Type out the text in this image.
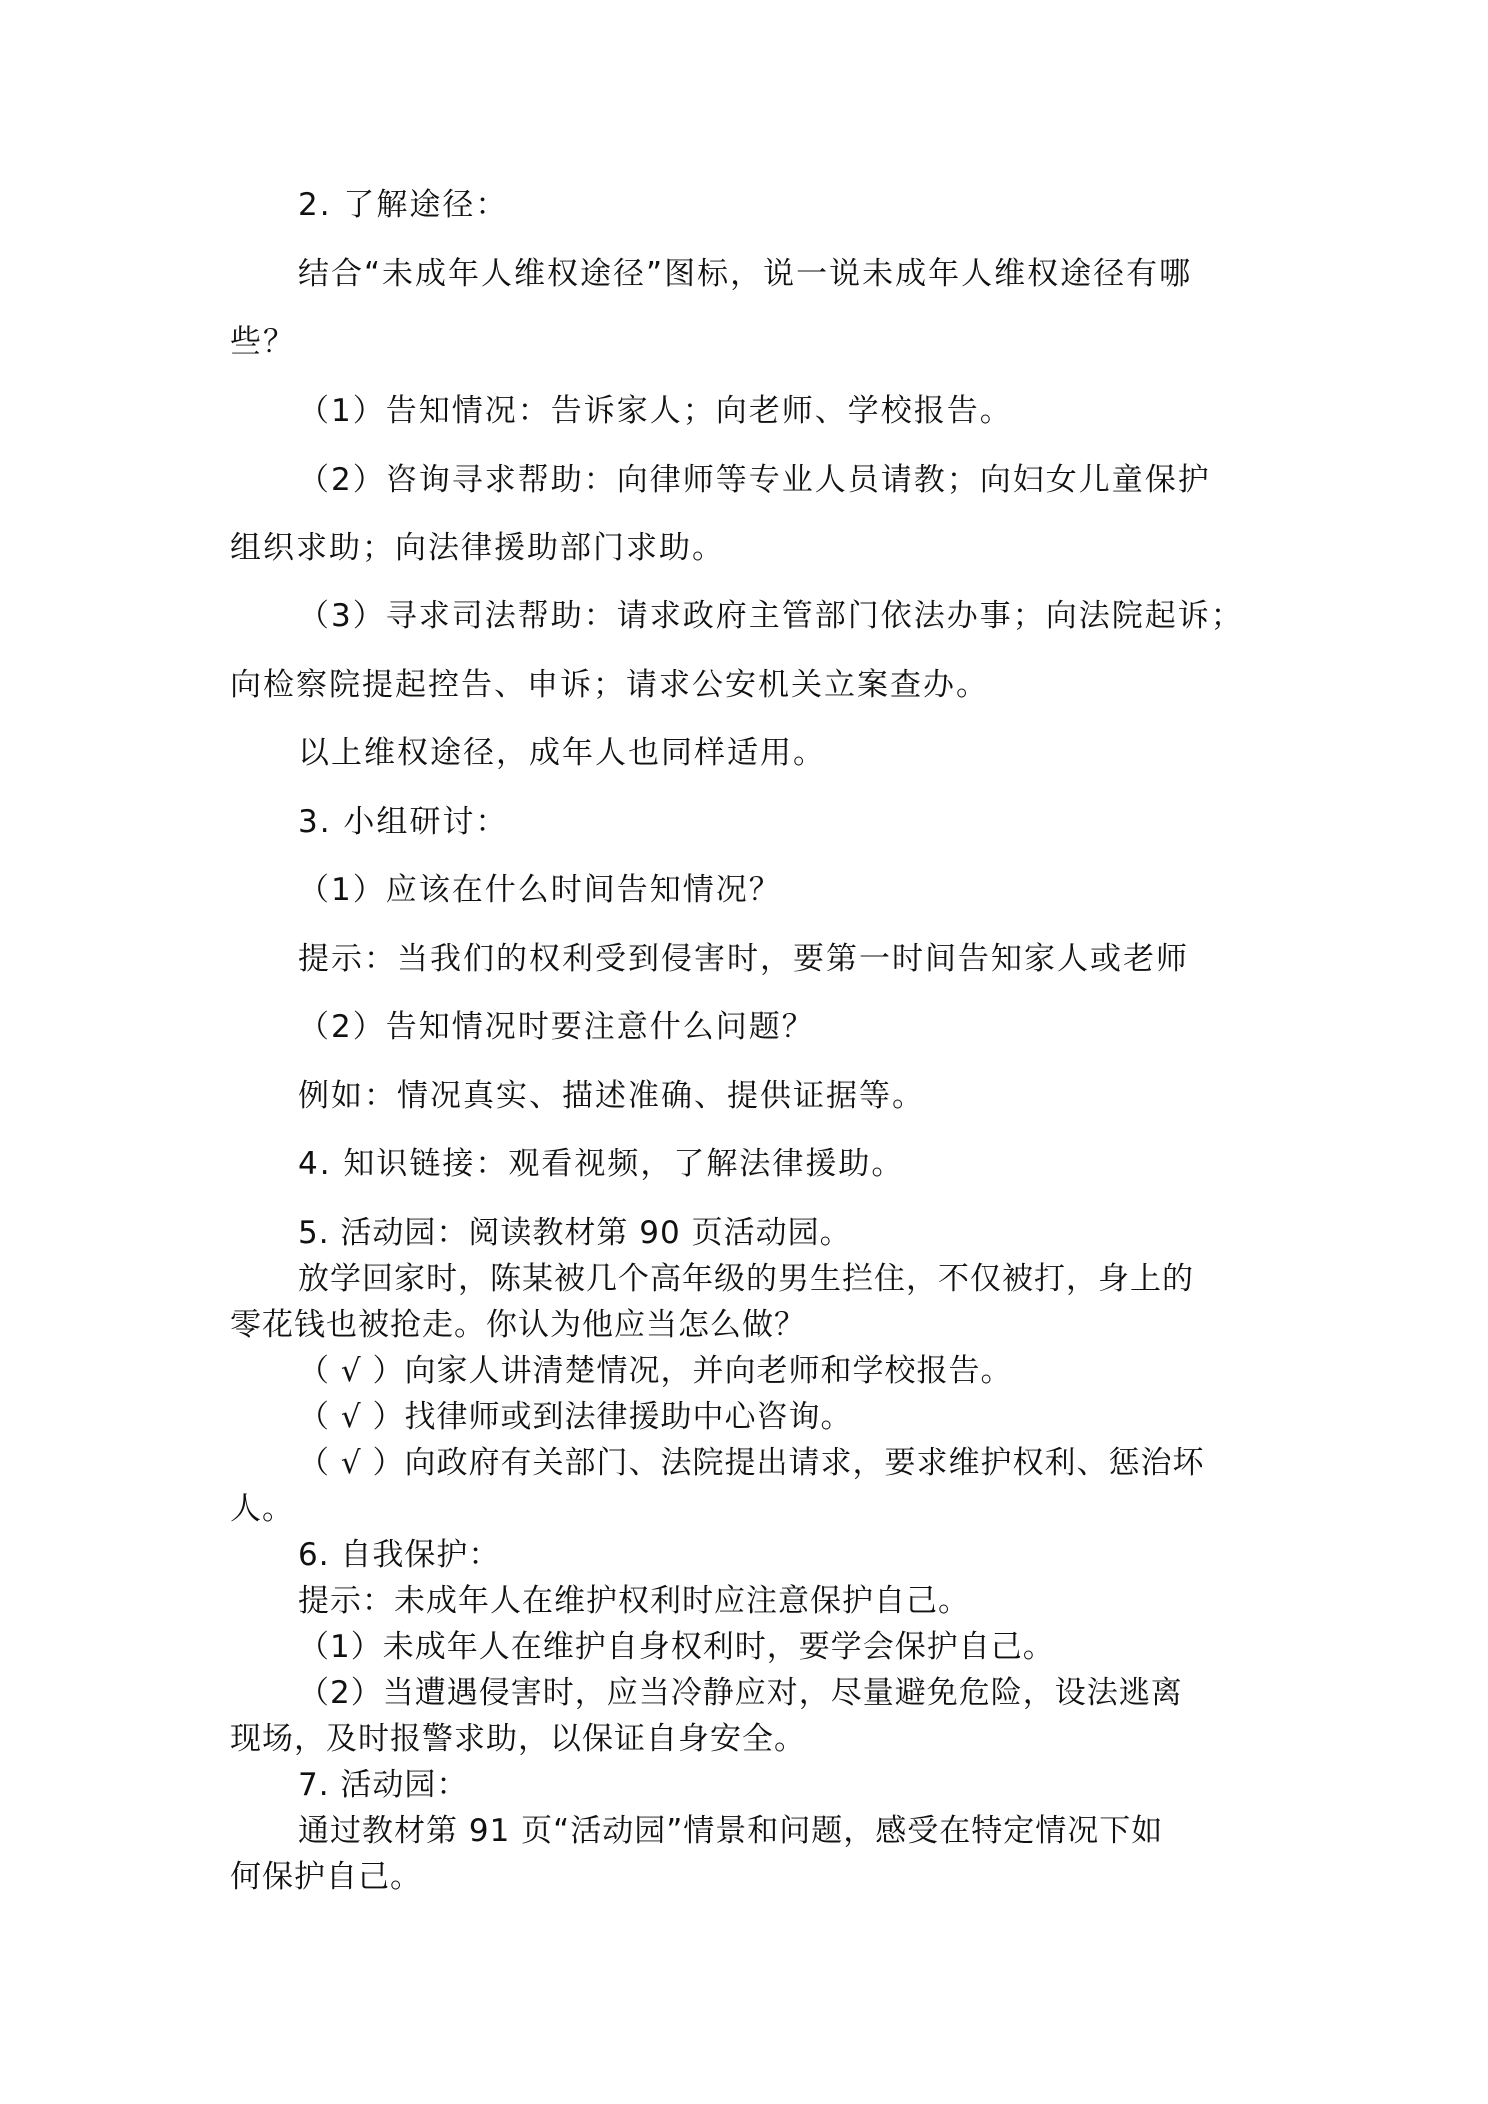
2. 了解途径：
结合“未成年人维权途径”图标，说一说未成年人维权途径有哪
些？
（1）告知情况：告诉家人；向老师、学校报告。
（2）咨询寻求帮助：向律师等专业人员请教；向妇女儿童保护
组织求助；向法律援助部门求助。
（3）寻求司法帮助：请求政府主管部门依法办事；向法院起诉；
向检察院提起控告、申诉；请求公安机关立案查办。
以上维权途径，成年人也同样适用。
3. 小组研讨：
（1）应该在什么时间告知情况？
提示：当我们的权利受到侵害时，要第一时间告知家人或老师
（2）告知情况时要注意什么问题？
例如：情况真实、描述准确、提供证据等。
4. 知识链接：观看视频，了解法律援助。
5. 活动园：阅读教材第 90 页活动园。
放学回家时，陈某被几个高年级的男生拦住，不仅被打，身上的
零花钱也被抢走。你认为他应当怎么做？
（ √ ）向家人讲清楚情况，并向老师和学校报告。
（ √ ）找律师或到法律援助中心咨询。
（ √ ）向政府有关部门、法院提出请求，要求维护权利、惩治坏
人。
6. 自我保护：
提示：未成年人在维护权利时应注意保护自己。
（1）未成年人在维护自身权利时，要学会保护自己。
（2）当遭遇侵害时，应当冷静应对，尽量避免危险，设法逃离
现场，及时报警求助，以保证自身安全。
7. 活动园：
通过教材第 91 页“活动园”情景和问题，感受在特定情况下如
何保护自己。
